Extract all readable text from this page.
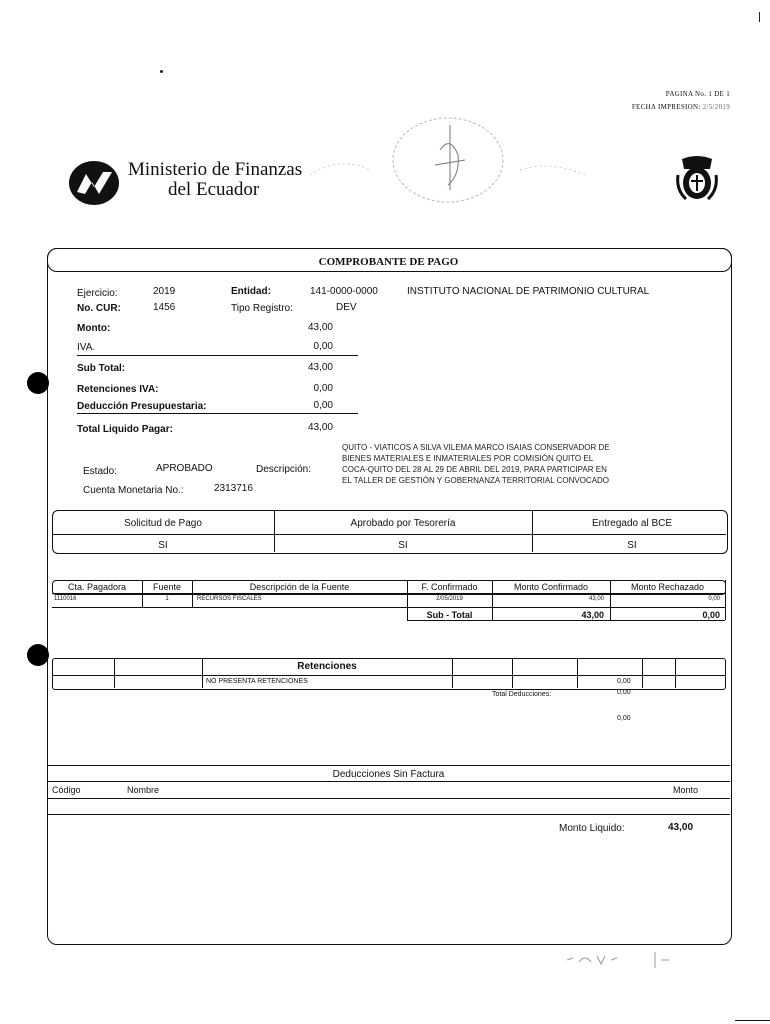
PAGINA No. 1 DE 1
FECHA IMPRESION: 2/5/2019
Ministerio de Finanzas
del Ecuador
COMPROBANTE DE PAGO
Ejercicio:	2019	Entidad:	141-0000-0000	INSTITUTO NACIONAL DE PATRIMONIO CULTURAL
No. CUR:	1456	Tipo Registro:	DEV
Monto:	43,00
IVA.	0,00
Sub Total:	43,00
Retenciones IVA:	0,00
Deducción Presupuestaria:	0,00
Total Liquido Pagar:	43,00
Estado:	APROBADO	Descripción:
QUITO - VIATICOS A SILVA VILEMA MARCO ISAIAS CONSERVADOR DE
BIENES MATERIALES E INMATERIALES POR COMISIÓN QUITO EL
COCA-QUITO DEL 28 AL 29 DE ABRIL DEL 2019, PARA PARTICIPAR EN
EL TALLER DE GESTIÓN Y GOBERNANZA TERRITORIAL CONVOCADO
Cuenta Monetaria No.:	2313716
Solicitud de Pago	Aprobado por Tesorería	Entregado al BCE
SI	SI	SI
Cta. Pagadora	Fuente	Descripción de la Fuente	F. Confirmado	Monto Confirmado	Monto Rechazado
1110016	1	RECURSOS FISCALES	2/05/2019	43,00	0,00
Sub - Total	43,00	0,00
Retenciones
NO PRESENTA RETENCIONES	0,00
Total Deducciones:	0,00
0,00
Deducciones Sin Factura
Código	Nombre	Monto
Monto Liquido:	43,00
